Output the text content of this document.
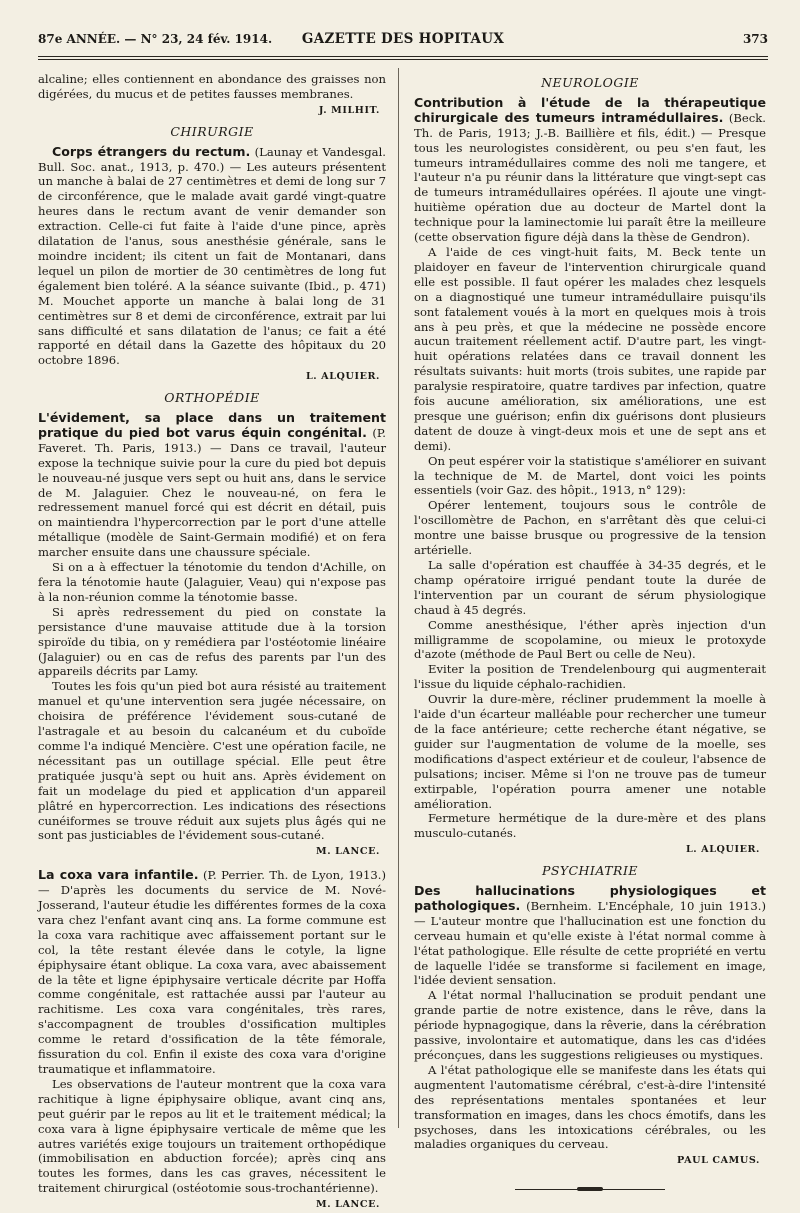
87e ANNÉE. — N° 23, 24 fév. 1914.	GAZETTE DES HOPITAUX	373

alcaline; elles contiennent en abondance des graisses non digérées, du mucus et de petites fausses membranes.

J. MILHIT.
CHIRURGIE

Corps étrangers du rectum. (Launay et Vandesgal. Bull. Soc. anat., 1913, p. 470.) — Les auteurs présentent un manche à balai de 27 centimètres et demi de long sur 7 de circonférence, que le malade avait gardé vingt-quatre heures dans le rectum avant de venir demander son extraction. Celle-ci fut faite à l'aide d'une pince, après dilatation de l'anus, sous anesthésie générale, sans le moindre incident; ils citent un fait de Montanari, dans lequel un pilon de mortier de 30 centimètres de long fut également bien toléré. A la séance suivante (Ibid., p. 471) M. Mouchet apporte un manche à balai long de 31 centimètres sur 8 et demi de circonférence, extrait par lui sans difficulté et sans dilatation de l'anus; ce fait a été rapporté en détail dans la Gazette des hôpitaux du 20 octobre 1896.

L. ALQUIER.
ORTHOPÉDIE

L'évidement, sa place dans un traitement pratique du pied bot varus équin congénital. (P. Faveret. Th. Paris, 1913.) — Dans ce travail, l'auteur expose la technique suivie pour la cure du pied bot depuis le nouveau-né jusque vers sept ou huit ans, dans le service de M. Jalaguier. Chez le nouveau-né, on fera le redressement manuel forcé qui est décrit en détail, puis on maintiendra l'hypercorrection par le port d'une attelle métallique (modèle de Saint-Germain modifié) et on fera marcher ensuite dans une chaussure spéciale.

Si on a à effectuer la ténotomie du tendon d'Achille, on fera la ténotomie haute (Jalaguier, Veau) qui n'expose pas à la non-réunion comme la ténotomie basse.

Si après redressement du pied on constate la persistance d'une mauvaise attitude due à la torsion spiroïde du tibia, on y remédiera par l'ostéotomie linéaire (Jalaguier) ou en cas de refus des parents par l'un des appareils décrits par Lamy.

Toutes les fois qu'un pied bot aura résisté au traitement manuel et qu'une intervention sera jugée nécessaire, on choisira de préférence l'évidement sous-cutané de l'astragale et au besoin du calcanéum et du cuboïde comme l'a indiqué Mencière. C'est une opération facile, ne nécessitant pas un outillage spécial. Elle peut être pratiquée jusqu'à sept ou huit ans. Après évidement on fait un modelage du pied et application d'un appareil plâtré en hypercorrection. Les indications des résections cunéiformes se trouve réduit aux sujets plus âgés qui ne sont pas justiciables de l'évidement sous-cutané.

M. LANCE.

La coxa vara infantile. (P. Perrier. Th. de Lyon, 1913.) — D'après les documents du service de M. Nové-Josserand, l'auteur étudie les différentes formes de la coxa vara chez l'enfant avant cinq ans. La forme commune est la coxa vara rachitique avec affaissement portant sur le col, la tête restant élevée dans le cotyle, la ligne épiphysaire étant oblique. La coxa vara, avec abaissement de la tête et ligne épiphysaire verticale décrite par Hoffa comme congénitale, est rattachée aussi par l'auteur au rachitisme. Les coxa vara congénitales, très rares, s'accompagnent de troubles d'ossification multiples comme le retard d'ossification de la tête fémorale, fissuration du col. Enfin il existe des coxa vara d'origine traumatique et inflammatoire.

Les observations de l'auteur montrent que la coxa vara rachitique à ligne épiphysaire oblique, avant cinq ans, peut guérir par le repos au lit et le traitement médical; la coxa vara à ligne épiphysaire verticale de même que les autres variétés exige toujours un traitement orthopédique (immobilisation en abduction forcée); après cinq ans toutes les formes, dans les cas graves, nécessitent le traitement chirurgical (ostéotomie sous-trochantérienne).

M. LANCE.
NEUROLOGIE

Contribution à l'étude de la thérapeutique chirurgicale des tumeurs intramédullaires. (Beck. Th. de Paris, 1913; J.-B. Baillière et fils, édit.) — Presque tous les neurologistes considèrent, ou peu s'en faut, les tumeurs intramédullaires comme des noli me tangere, et l'auteur n'a pu réunir dans la littérature que vingt-sept cas de tumeurs intramédullaires opérées. Il ajoute une vingt-huitième opération due au docteur de Martel dont la technique pour la laminectomie lui paraît être la meilleure (cette observation figure déjà dans la thèse de Gendron).

A l'aide de ces vingt-huit faits, M. Beck tente un plaidoyer en faveur de l'intervention chirurgicale quand elle est possible. Il faut opérer les malades chez lesquels on a diagnostiqué une tumeur intramédullaire puisqu'ils sont fatalement voués à la mort en quelques mois à trois ans à peu près, et que la médecine ne possède encore aucun traitement réellement actif. D'autre part, les vingt-huit opérations relatées dans ce travail donnent les résultats suivants: huit morts (trois subites, une rapide par paralysie respiratoire, quatre tardives par infection, quatre fois aucune amélioration, six améliorations, une est presque une guérison; enfin dix guérisons dont plusieurs datent de douze à vingt-deux mois et une de sept ans et demi).

On peut espérer voir la statistique s'améliorer en suivant la technique de M. de Martel, dont voici les points essentiels (voir Gaz. des hôpit., 1913, n° 129):

Opérer lentement, toujours sous le contrôle de l'oscillomètre de Pachon, en s'arrêtant dès que celui-ci montre une baisse brusque ou progressive de la tension artérielle.

La salle d'opération est chauffée à 34-35 degrés, et le champ opératoire irrigué pendant toute la durée de l'intervention par un courant de sérum physiologique chaud à 45 degrés.

Comme anesthésique, l'éther après injection d'un milligramme de scopolamine, ou mieux le protoxyde d'azote (méthode de Paul Bert ou celle de Neu).

Eviter la position de Trendelenbourg qui augmenterait l'issue du liquide céphalo-rachidien.

Ouvrir la dure-mère, récliner prudemment la moelle à l'aide d'un écarteur malléable pour rechercher une tumeur de la face antérieure; cette recherche étant négative, se guider sur l'augmentation de volume de la moelle, ses modifications d'aspect extérieur et de couleur, l'absence de pulsations; inciser. Même si l'on ne trouve pas de tumeur extirpable, l'opération pourra amener une notable amélioration.

Fermeture hermétique de la dure-mère et des plans musculo-cutanés.

L. ALQUIER.
PSYCHIATRIE

Des hallucinations physiologiques et pathologiques. (Bernheim. L'Encéphale, 10 juin 1913.) — L'auteur montre que l'hallucination est une fonction du cerveau humain et qu'elle existe à l'état normal comme à l'état pathologique. Elle résulte de cette propriété en vertu de laquelle l'idée se transforme si facilement en image, l'idée devient sensation.

A l'état normal l'hallucination se produit pendant une grande partie de notre existence, dans le rêve, dans la période hypnagogique, dans la rêverie, dans la cérébration passive, involontaire et automatique, dans les cas d'idées préconçues, dans les suggestions religieuses ou mystiques.

A l'état pathologique elle se manifeste dans les états qui augmentent l'automatisme cérébral, c'est-à-dire l'intensité des représentations mentales spontanées et leur transformation en images, dans les chocs émotifs, dans les psychoses, dans les intoxications cérébrales, ou les maladies organiques du cerveau.

PAUL CAMUS.
